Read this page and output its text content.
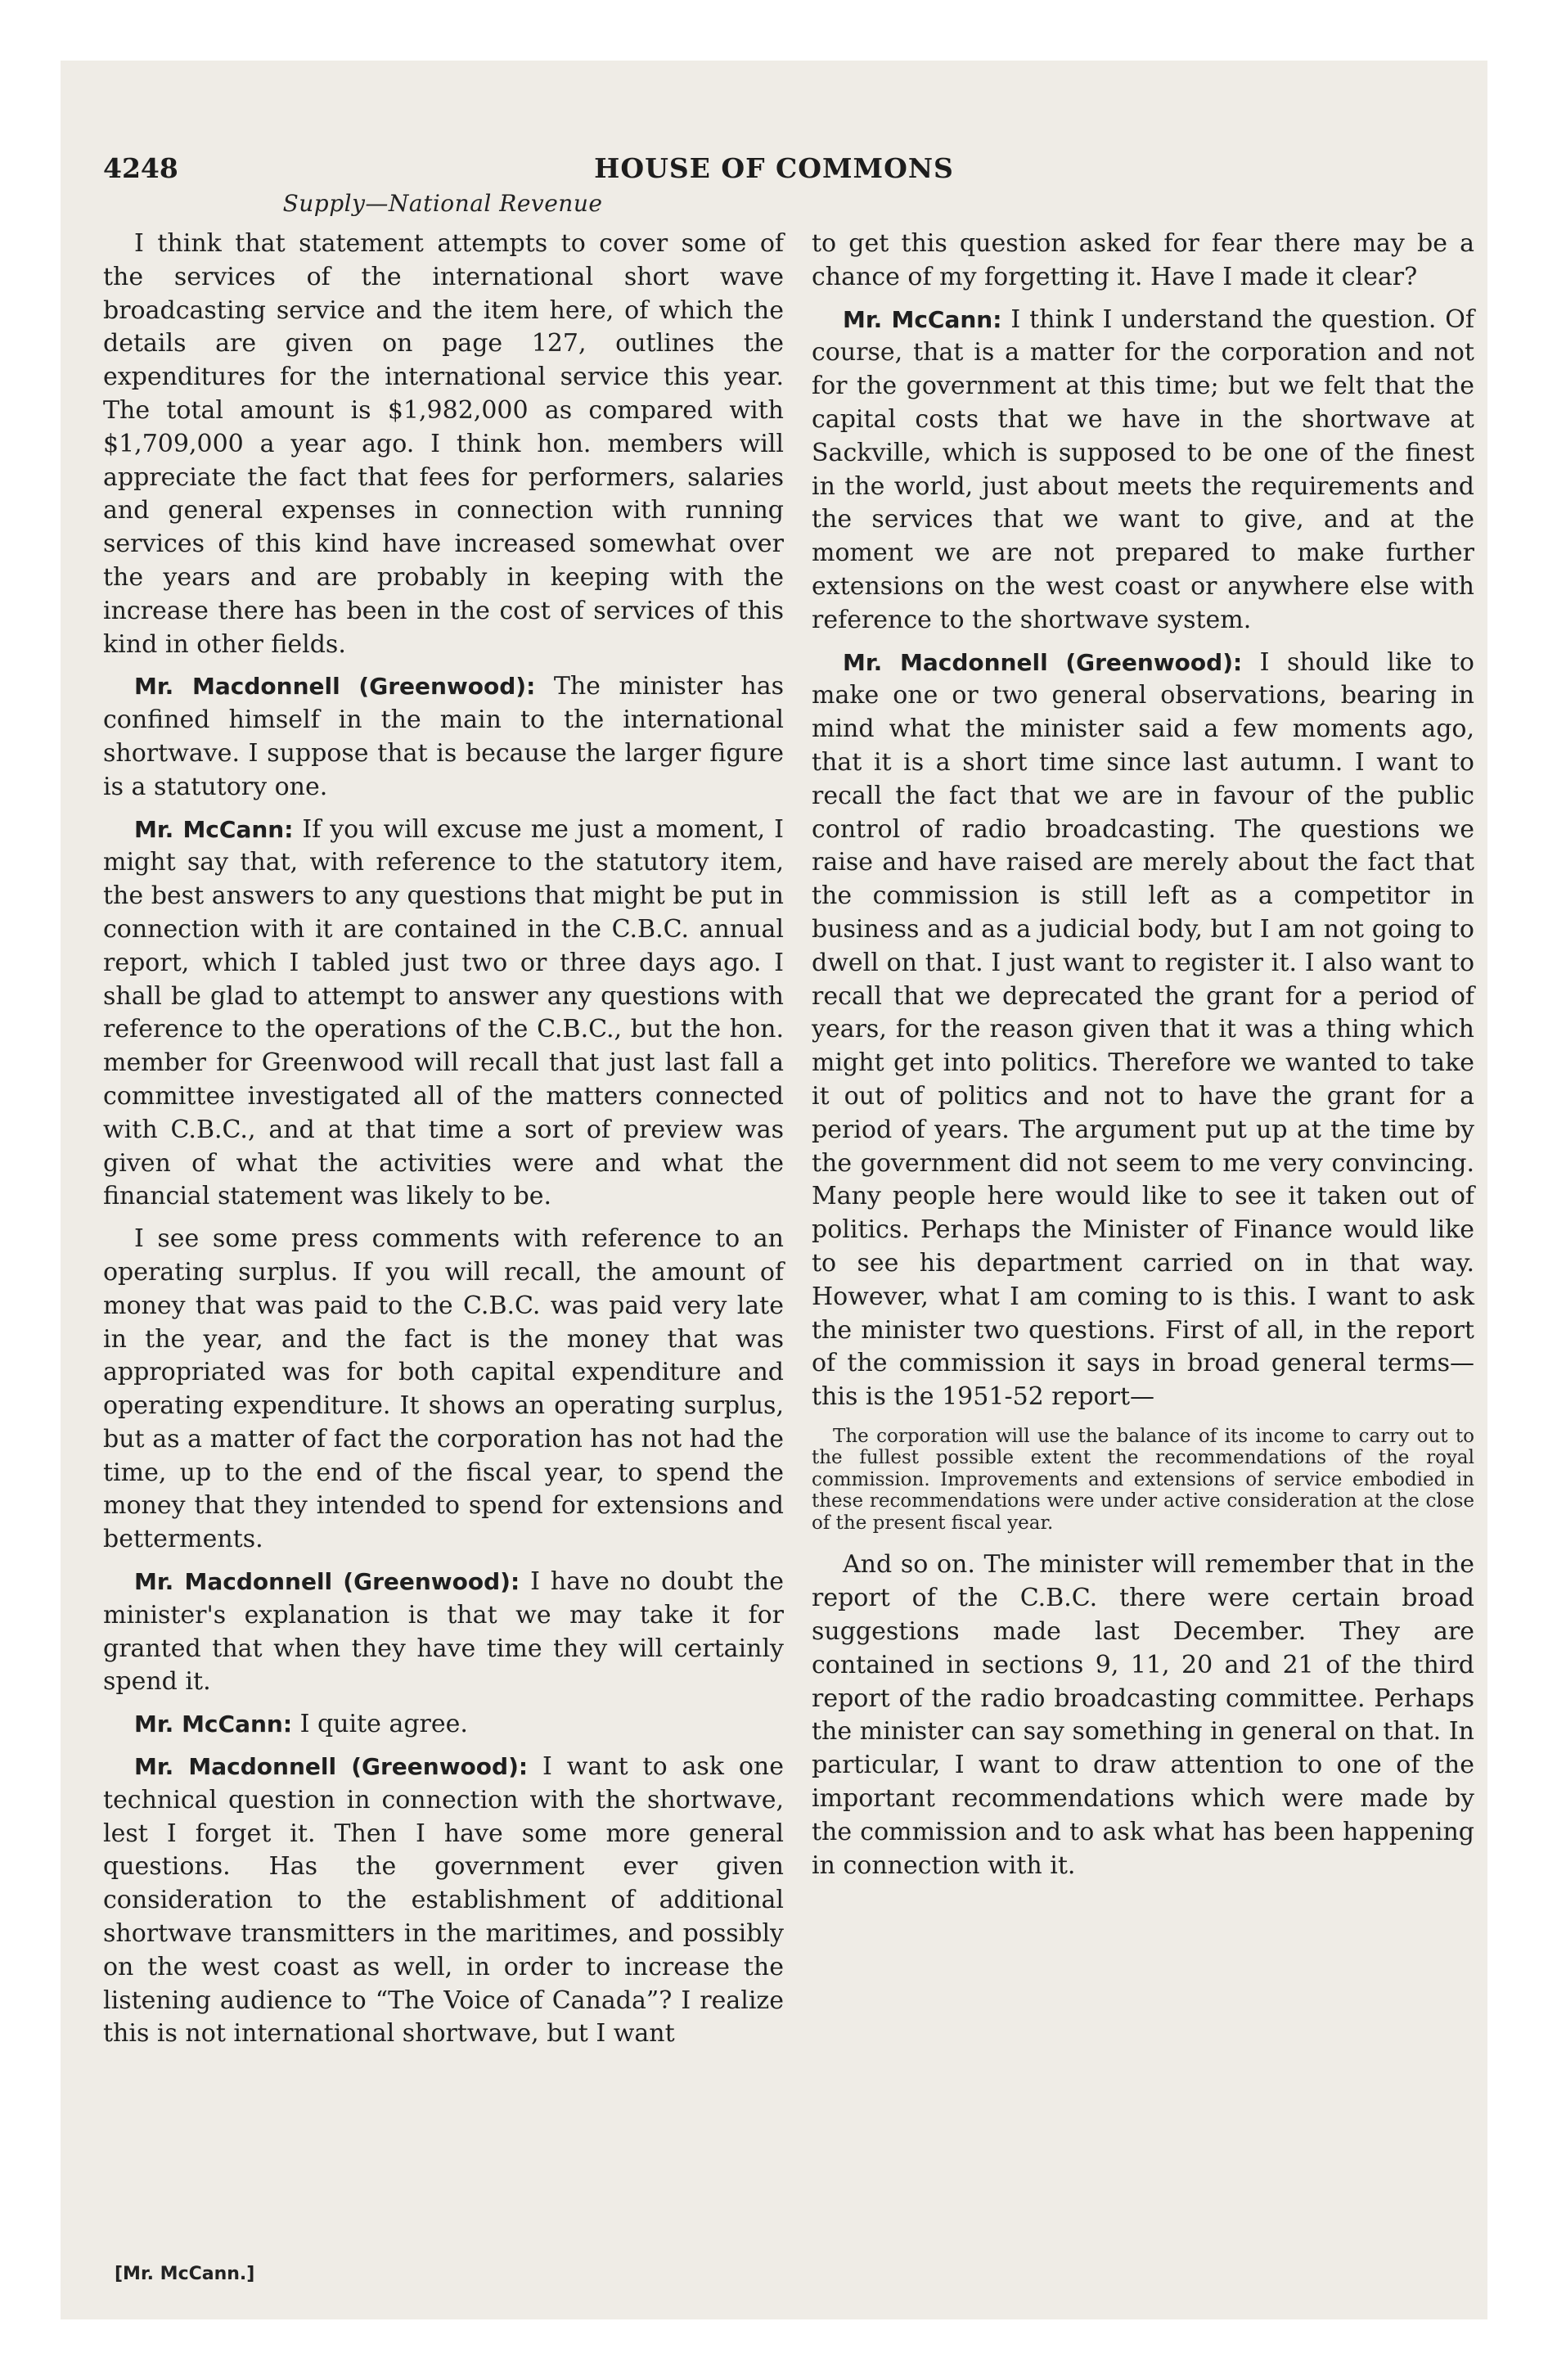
4248	HOUSE OF COMMONS
Supply—National Revenue

I think that statement attempts to cover some of the services of the international short wave broadcasting service and the item here, of which the details are given on page 127, outlines the expenditures for the international service this year. The total amount is $1,982,000 as compared with $1,709,000 a year ago. I think hon. members will appreciate the fact that fees for performers, salaries and general expenses in connection with running services of this kind have increased somewhat over the years and are probably in keeping with the increase there has been in the cost of services of this kind in other fields.

Mr. Macdonnell (Greenwood): The minister has confined himself in the main to the international shortwave. I suppose that is because the larger figure is a statutory one.

Mr. McCann: If you will excuse me just a moment, I might say that, with reference to the statutory item, the best answers to any questions that might be put in connection with it are contained in the C.B.C. annual report, which I tabled just two or three days ago. I shall be glad to attempt to answer any questions with reference to the operations of the C.B.C., but the hon. member for Greenwood will recall that just last fall a committee investigated all of the matters connected with C.B.C., and at that time a sort of preview was given of what the activities were and what the financial statement was likely to be.

I see some press comments with reference to an operating surplus. If you will recall, the amount of money that was paid to the C.B.C. was paid very late in the year, and the fact is the money that was appropriated was for both capital expenditure and operating expenditure. It shows an operating surplus, but as a matter of fact the corporation has not had the time, up to the end of the fiscal year, to spend the money that they intended to spend for extensions and betterments.

Mr. Macdonnell (Greenwood): I have no doubt the minister's explanation is that we may take it for granted that when they have time they will certainly spend it.

Mr. McCann: I quite agree.

Mr. Macdonnell (Greenwood): I want to ask one technical question in connection with the shortwave, lest I forget it. Then I have some more general questions. Has the government ever given consideration to the establishment of additional shortwave transmitters in the maritimes, and possibly on the west coast as well, in order to increase the listening audience to “The Voice of Canada”? I realize this is not international shortwave, but I want

to get this question asked for fear there may be a chance of my forgetting it. Have I made it clear?

Mr. McCann: I think I understand the question. Of course, that is a matter for the corporation and not for the government at this time; but we felt that the capital costs that we have in the shortwave at Sackville, which is supposed to be one of the finest in the world, just about meets the requirements and the services that we want to give, and at the moment we are not prepared to make further extensions on the west coast or anywhere else with reference to the shortwave system.

Mr. Macdonnell (Greenwood): I should like to make one or two general observations, bearing in mind what the minister said a few moments ago, that it is a short time since last autumn. I want to recall the fact that we are in favour of the public control of radio broadcasting. The questions we raise and have raised are merely about the fact that the commission is still left as a competitor in business and as a judicial body, but I am not going to dwell on that. I just want to register it. I also want to recall that we deprecated the grant for a period of years, for the reason given that it was a thing which might get into politics. Therefore we wanted to take it out of politics and not to have the grant for a period of years. The argument put up at the time by the government did not seem to me very convincing. Many people here would like to see it taken out of politics. Perhaps the Minister of Finance would like to see his department carried on in that way. However, what I am coming to is this. I want to ask the minister two questions. First of all, in the report of the commission it says in broad general terms—this is the 1951-52 report—

The corporation will use the balance of its income to carry out to the fullest possible extent the recommendations of the royal commission. Improvements and extensions of service embodied in these recommendations were under active consideration at the close of the present fiscal year.

And so on. The minister will remember that in the report of the C.B.C. there were certain broad suggestions made last December. They are contained in sections 9, 11, 20 and 21 of the third report of the radio broadcasting committee. Perhaps the minister can say something in general on that. In particular, I want to draw attention to one of the important recommendations which were made by the commission and to ask what has been happening in connection with it.

[Mr. McCann.]
